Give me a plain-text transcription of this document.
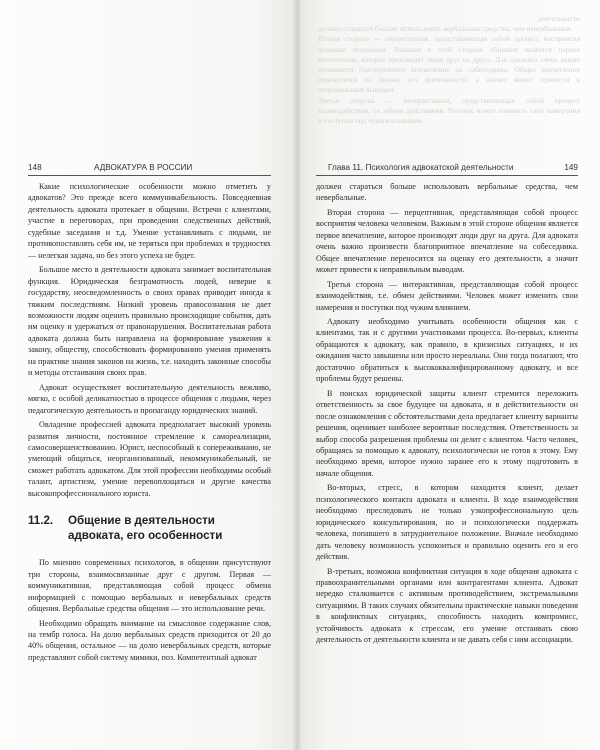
деятельности

должен стараться больше использовать вербальные средства, чем невербальные.

Вторая сторона — перцептивная, представляющая собой процесс восприятия человека человеком. Важным в этой стороне общения является первое впечатление, которое производят люди друг на друга. Для адвоката очень важно произвести благоприятное впечатление на собеседника. Общее впечатление переносится на оценку его деятельности, а значит может привести к неправильным выводам.

Третья сторона — интерактивная, представляющая собой процесс взаимодействия, т.е. обмен действиями. Человек может изменить свои намерения и поступки под чужим влиянием.

148	АДВОКАТУРА В РОССИИ	Глава 11. Психология адвокатской деятельности	149

Какие психологические особенности можно отметить у адвокатов? Это прежде всего коммуникабельность. Повседневная деятельность адвоката протекает в общении. Встречи с клиентами, участие в переговорах, при проведении следственных действий, судебные заседания и т.д. Умение устанавливать с людьми, не противопоставлять себя им, не теряться при проблемах и трудностях — нелегкая задача, но без этого успеха не будет.

Большое место в деятельности адвоката занимает воспитательная функция. Юридическая безграмотность людей, неверие к государству, неосведомленность о своих правах приводит иногда к тяжким последствиям. Низкий уровень правосознания не дает возможности людям оценить правильно происходящие события, дать им оценку и удержаться от правонарушения. Воспитательная работа адвоката должна быть направлена на формирование уважения к закону, обществу, способствовать формированию умения применять на практике знания законов на жизнь, т.е. находить законные способы и методы отстаивания своих прав.

Адвокат осуществляет воспитательную деятельность вежливо, мягко, с особой деликатностью в процессе общения с людьми, через педагогическую деятельность и пропаганду юридических знаний.

Овладение профессией адвоката предполагает высокий уровень развития личности, постоянное стремление к самореализации, самосовершенствованию. Юрист, неспособный к сопереживанию, не умеющий общаться, неорганизованный, некоммуникабельный, не сможет работать адвокатом. Для этой профессии необходимы особый талант, артистизм, умение перевоплощаться и другие качества высокопрофессионального юриста.

11.2. Общение в деятельности
адвоката, его особенности

По мнению современных психологов, в общении присутствуют три стороны, взаимосвязанные друг с другом. Первая — коммуникативная, представляющая собой процесс обмена информацией с помощью вербальных и невербальных средств общения. Вербальные средства общения — это использование речи.

Необходимо обращать внимание на смысловое содержание слов, на тембр голоса. На долю вербальных средств приходится от 20 до 40% общения, остальное — на долю невербальных средств, которые представляют собой систему мимики, поз. Компетентный адвокат

должен стараться больше использовать вербальные средства, чем невербальные.

Вторая сторона — перцептивная, представляющая собой процесс восприятия человека человеком. Важным в этой стороне общения является первое впечатление, которое производят люди друг на друга. Для адвоката очень важно произвести благоприятное впечатление на собеседника. Общее впечатление переносится на оценку его деятельности, а значит может привести к неправильным выводам.

Третья сторона — интерактивная, представляющая собой процесс взаимодействия, т.е. обмен действиями. Человек может изменить свои намерения и поступки под чужим влиянием.

Адвокату необходимо учитывать особенности общения как с клиентами, так и с другими участниками процесса. Во-первых, клиенты обращаются к адвокату, как правило, в кризисных ситуациях, и их ожидания часто завышены или просто нереальны. Они тогда полагают, что достаточно обратиться к высококвалифицированному адвокату, и все проблемы будут решены.

В поисках юридической защиты клиент стремится переложить ответственность за свое будущее на адвоката, и в действительности он после ознакомления с обстоятельствами дела предлагает клиенту варианты решения, оценивает наиболее вероятные последствия. Ответственность за выбор способа разрешения проблемы он делит с клиентом. Часто человек, обращаясь за помощью к адвокату, психологически не готов к этому. Ему необходимо время, которое нужно заранее его к этому подготовить в начале общения.

Во-вторых, стресс, в котором находится клиент, делает психологического контакта адвоката и клиента. В ходе взаимодействия необходимо преследовать не только узкопрофессиональную цель юридического консультирования, но и психологически поддержать человека, попавшего в затруднительное положение. Вначале необходимо дать человеку возможность успокоиться и правильно оценить его и его действия.

В-третьих, возможна конфликтная ситуация в ходе общения адвоката с правоохранительными органами или контрагентами клиента. Адвокат нередко сталкивается с активным противодействием, экстремальными ситуациями. В таких случаях обязательны практические навыки поведения в конфликтных ситуациях, способность находить компромисс, устойчивость адвоката к стрессам, его умение отстаивать свою деятельность от деятельности клиента и не давать себя с ним ассоциации.
